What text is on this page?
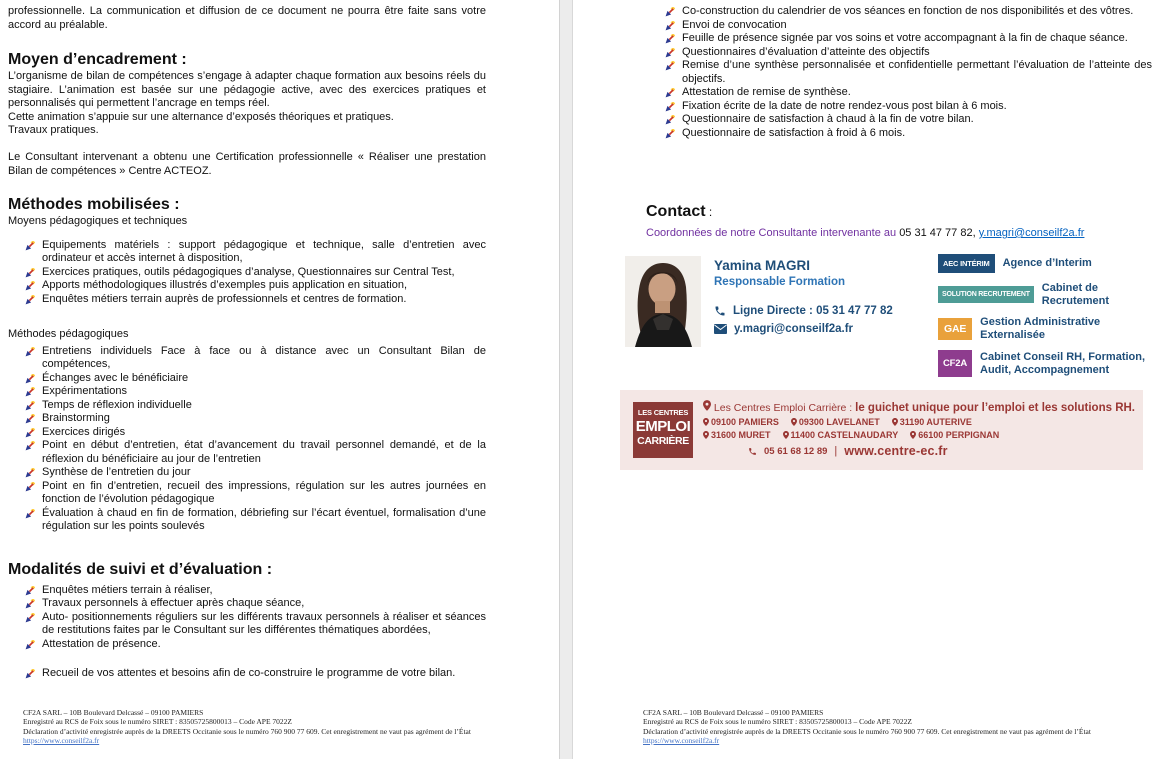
professionnelle. La communication et diffusion de ce document ne pourra être faite sans votre accord au préalable.

Moyen d’encadrement :

L’organisme de bilan de compétences s’engage à adapter chaque formation aux besoins réels du stagiaire. L’animation est basée sur une pédagogie active, avec des exercices pratiques et personnalisés qui permettent l’ancrage en temps réel.

Cette animation s’appuie sur une alternance d’exposés théoriques et pratiques.

Travaux pratiques.

Le Consultant intervenant a obtenu une Certification professionnelle « Réaliser une prestation Bilan de compétences » Centre ACTEOZ.

Méthodes mobilisées :

Moyens pédagogiques et techniques

Equipements matériels : support pédagogique et technique, salle d’entretien avec ordinateur et accès internet à disposition,
Exercices pratiques, outils pédagogiques d’analyse, Questionnaires sur Central Test,
Apports méthodologiques illustrés d’exemples puis application en situation,
Enquêtes métiers terrain auprès de professionnels et centres de formation.

Méthodes pédagogiques

Entretiens individuels Face à face ou à distance avec un Consultant Bilan de compétences,
Échanges avec le bénéficiaire
Expérimentations
Temps de réflexion individuelle
Brainstorming
Exercices dirigés
Point en début d’entretien, état d’avancement du travail personnel demandé, et de la réflexion du bénéficiaire au jour de l’entretien
Synthèse de l’entretien du jour
Point en fin d’entretien, recueil des impressions, régulation sur les autres journées en fonction de l’évolution pédagogique
Évaluation à chaud en fin de formation, débriefing sur l’écart éventuel, formalisation d’une régulation sur les points soulevés
Modalités de suivi et d’évaluation :
Enquêtes métiers terrain à réaliser,
Travaux personnels à effectuer après chaque séance,
Auto- positionnements réguliers sur les différents travaux personnels à réaliser et séances de restitutions faites par le Consultant sur les différentes thématiques abordées,
Attestation de présence.
Recueil de vos attentes et besoins afin de co-construire le programme de votre bilan.
CF2A SARL – 10B Boulevard Delcassé – 09100 PAMIERS
Enregistré au RCS de Foix sous le numéro SIRET : 83505725800013 – Code APE 7022Z
Déclaration d’activité enregistrée auprès de la DREETS Occitanie sous le numéro 760 900 77 609. Cet enregistrement ne vaut pas agrément de l’État
https://www.conseilf2a.fr
Co-construction du calendrier de vos séances en fonction de nos disponibilités et des vôtres.
Envoi de convocation
Feuille de présence signée par vos soins et votre accompagnant à la fin de chaque séance.
Questionnaires d’évaluation d’atteinte des objectifs
Remise d’une synthèse personnalisée et confidentielle permettant l’évaluation de l’atteinte des objectifs.
Attestation de remise de synthèse.
Fixation écrite de la date de notre rendez-vous post bilan à 6 mois.
Questionnaire de satisfaction à chaud à la fin de votre bilan.
Questionnaire de satisfaction à froid à 6 mois.
Contact :
Coordonnées de notre Consultante intervenante au 05 31 47 77 82, y.magri@conseilf2a.fr

Yamina MAGRI

Responsable Formation

Ligne Directe : 05 31 47 77 82
y.magri@conseilf2a.fr
AEC INTÉRIM	Agence d’Interim
SOLUTION RECRUTEMENT
Cabinet de Recrutement
GAE
Gestion Administrative Externalisée
CF2A
Cabinet Conseil RH, Formation, Audit, Accompagnement
LES CENTRES
EMPLOI
CARRIÈRE
Les Centres Emploi Carrière : le guichet unique pour l’emploi et les solutions RH.
09100 PAMIERS 09300 LAVELANET 31190 AUTERIVE
31600 MURET 11400 CASTELNAUDARY 66100 PERPIGNAN
05 61 68 12 89 | www.centre-ec.fr
CF2A SARL – 10B Boulevard Delcassé – 09100 PAMIERS
Enregistré au RCS de Foix sous le numéro SIRET : 83505725800013 – Code APE 7022Z
Déclaration d’activité enregistrée auprès de la DREETS Occitanie sous le numéro 760 900 77 609. Cet enregistrement ne vaut pas agrément de l’État
https://www.conseilf2a.fr
